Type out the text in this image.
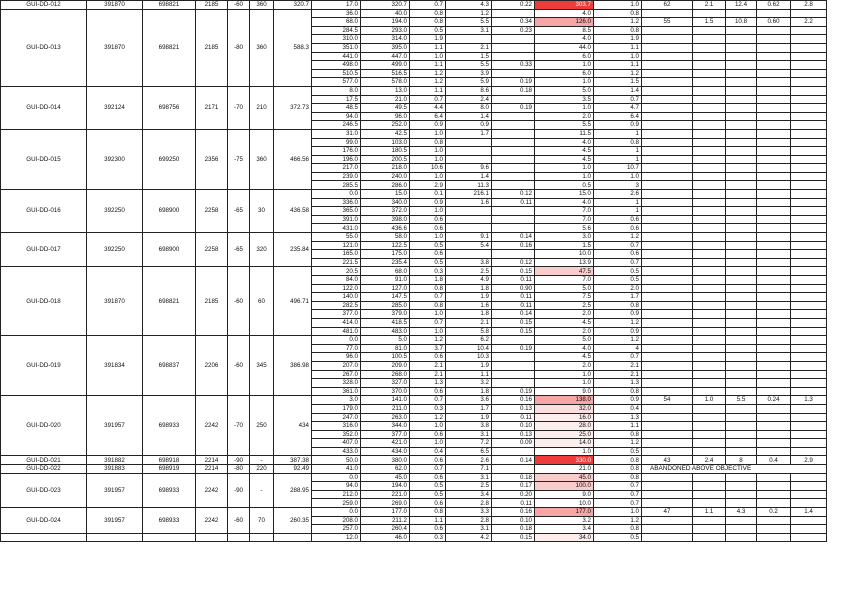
GUI-DD-012	391870	698821	2185	-60	360	320.7	17.0	320.7	0.7	4.3	0.22	303.7	1.0	62	2.1	12.4	0.62	2.8
GUI-DD-013	391870	698821	2185	-80	360	588.3	36.0	40.0	0.8	1.2		4.0	0.8					
							68.0	194.0	0.8	5.5	0.34	126.0	1.2	55	1.5	10.8	0.60	2.2
							284.5	293.0	0.5	3.1	0.23	8.5	0.8					
							310.0	314.0	1.9			4.0	1.9					
							351.0	395.0	1.1	2.1		44.0	1.1					
							441.0	447.0	1.0	1.5		6.0	1.0					
							498.0	499.0	1.1	5.5	0.33	1.0	1.1					
							510.5	516.5	1.2	3.9		6.0	1.2					
							577.0	578.0	1.2	5.9	0.19	1.0	1.5					
GUI-DD-014	392124	698756	2171	-70	210	372.73	8.0	13.0	1.1	8.6	0.18	5.0	1.4					
							17.5	21.0	0.7	2.4		3.5	0.7					
							48.5	49.5	4.4	8.0	0.19	1.0	4.7					
							94.0	96.0	6.4	1.4		2.0	6.4					
							246.5	252.0	0.9	0.9		5.5	0.9					
GUI-DD-015	392300	699250	2356	-75	360	466.56	31.0	42.5	1.0	1.7		11.5	1					
							99.0	103.0	0.8			4.0	0.8					
							176.0	180.5	1.0			4.5	1					
							196.0	200.5	1.0			4.5	1					
							217.0	218.0	10.6	9.6		1.0	10.7					
							239.0	240.0	1.0	1.4		1.0	1.0					
							285.5	286.0	2.9	11.3		0.5	3					
GUI-DD-016	392250	698900	2258	-65	30	436.58	0.0	15.0	0.1	216.1	0.12	15.0	2.6					
							336.0	340.0	0.9	1.6	0.11	4.0	1					
							365.0	372.0	1.0			7.0	1					
							391.0	398.0	0.6			7.0	0.6					
							431.0	436.6	0.6			5.6	0.6					
GUI-DD-017	392250	698900	2258	-65	320	235.84	55.0	58.0	1.0	9.1	0.14	3.0	1.2					
							121.0	122.5	0.5	5.4	0.16	1.5	0.7					
							165.0	175.0	0.6			10.0	0.6					
							221.5	235.4	0.5	3.8	0.12	13.9	0.7					
GUI-DD-018	391870	698821	2185	-60	60	496.71	20.5	68.0	0.3	2.5	0.15	47.5	0.5					
							84.0	91.0	1.8	4.9	0.11	7.0	0.5					
							122.0	127.0	0.8	1.8	0.90	5.0	2.0					
							140.0	147.5	0.7	1.9	0.11	7.5	1.7					
							282.5	285.0	0.8	1.6	0.11	2.5	0.8					
							377.0	379.0	1.0	1.8	0.14	2.0	0.9					
							414.0	418.5	0.7	2.1	0.15	4.5	1.2					
							481.0	483.0	1.0	5.8	0.15	2.0	0.9					
GUI-DD-019	391834	698837	2206	-60	345	386.98	0.0	5.0	1.2	6.2		5.0	1.2					
							77.0	81.0	3.7	10.4	0.19	4.0	4					
							96.0	100.5	0.6	10.3		4.5	0.7					
							207.0	209.0	2.1	1.9		2.0	2.1					
							267.0	268.0	2.1	1.1		1.0	2.1					
							328.0	327.0	1.3	3.2		1.0	1.3					
							361.0	370.0	0.6	1.8	0.19	9.0	0.8					
GUI-DD-020	391957	698933	2242	-70	250	434	3.0	141.0	0.7	3.6	0.16	138.0	0.9	54	1.0	5.5	0.24	1.3
							179.0	211.0	0.3	1.7	0.13	32.0	0.4					
							247.0	263.0	1.2	1.9	0.11	16.0	1.3					
							316.0	344.0	1.0	3.8	0.10	28.0	1.1					
							352.0	377.0	0.6	3.1	0.13	25.0	0.8					
							407.0	421.0	1.0	7.2	0.09	14.0	1.2					
							433.0	434.0	0.4	6.5		1.0	0.5					
GUI-DD-021	391882	698918	2214	-90	-	387.38	50.0	380.0	0.6	2.6	0.14	330.0	0.8	43	2.4	8	0.4	2.9
GUI-DD-022	391883	698919	2214	-80	220	92.49	41.0	62.0	0.7	7.1		21.0	0.8	ABANDONED ABOVE OBJECTIVE				
GUI-DD-023	391957	698933	2242	-90	-	288.95	0.0	45.0	0.6	3.1	0.18	45.0	0.8					
							94.0	194.0	0.5	2.5	0.17	100.0	0.7					
							212.0	221.0	0.5	3.4	0.20	9.0	0.7					
							259.0	269.0	0.6	2.8	0.11	10.0	0.7					
GUI-DD-024	391957	698933	2242	-60	70	260.35	0.0	177.0	0.8	3.3	0.16	177.0	1.0	47	1.1	4.3	0.2	1.4
							208.0	211.2	1.1	2.8	0.10	3.2	1.2					
							257.0	260.4	0.6	3.1	0.18	3.4	0.8					
							12.0	46.0	0.3	4.2	0.15	34.0	0.5					
